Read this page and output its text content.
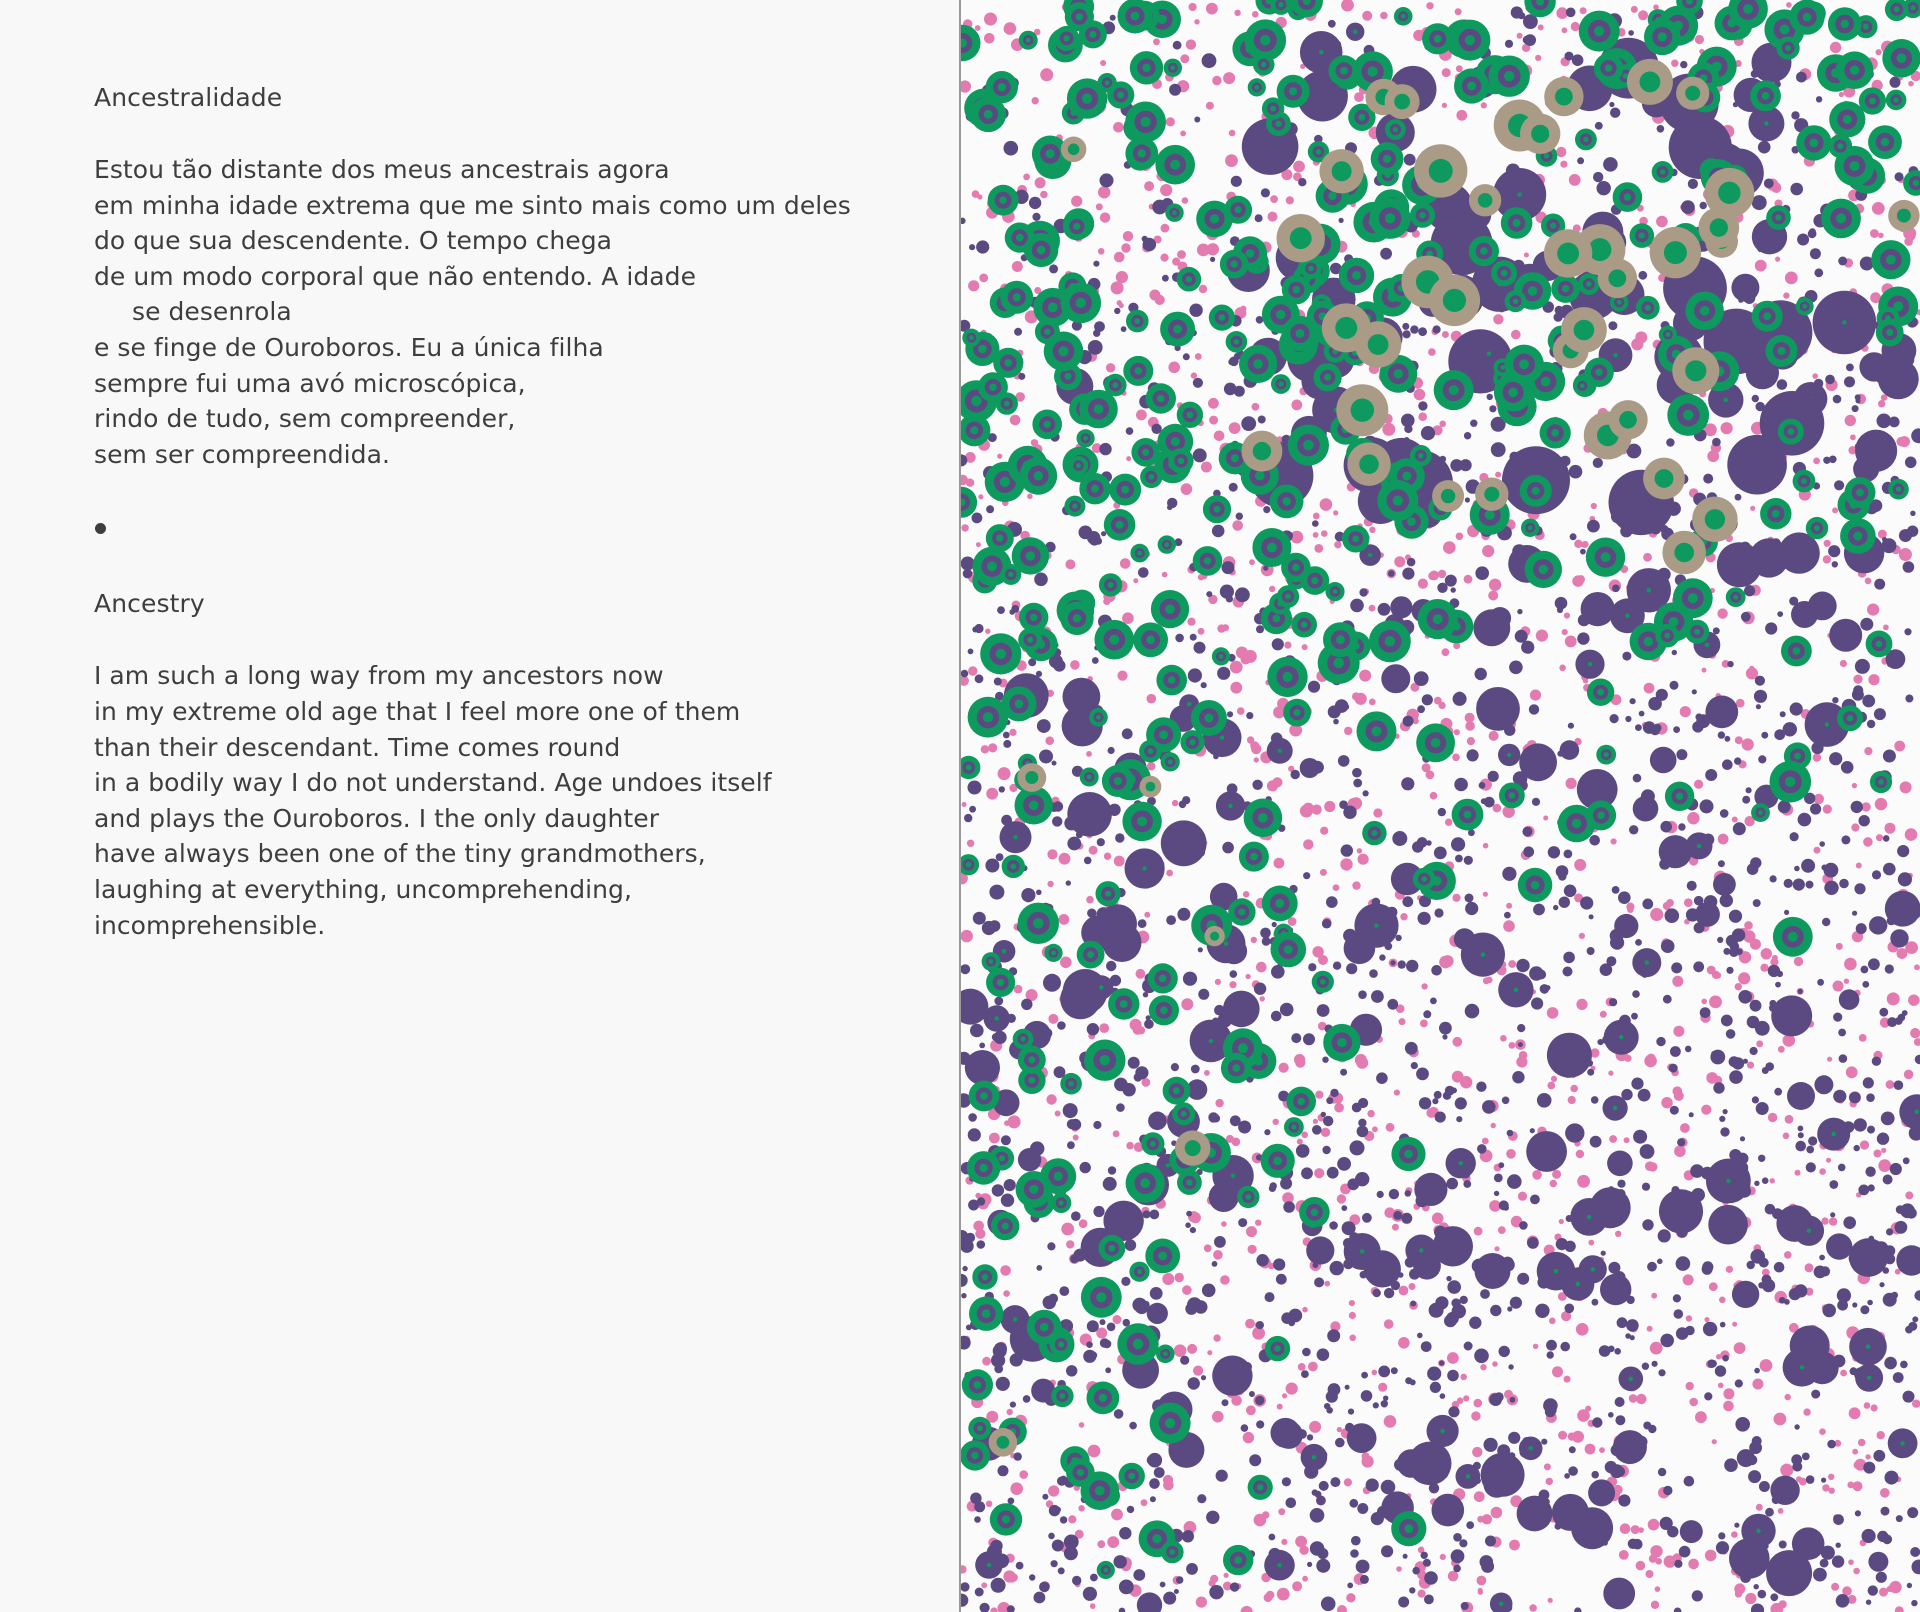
Ancestralidade
Estou tão distante dos meus ancestrais agora
em minha idade extrema que me sinto mais como um deles
do que sua descendente. O tempo chega
de um modo corporal que não entendo. A idade
se desenrola
e se finge de Ouroboros. Eu a única filha
sempre fui uma avó microscópica,
rindo de tudo, sem compreender,
sem ser compreendida.
Ancestry
I am such a long way from my ancestors now
in my extreme old age that I feel more one of them
than their descendant. Time comes round
in a bodily way I do not understand. Age undoes itself
and plays the Ouroboros. I the only daughter
have always been one of the tiny grandmothers,
laughing at everything, uncomprehending,
incomprehensible.
